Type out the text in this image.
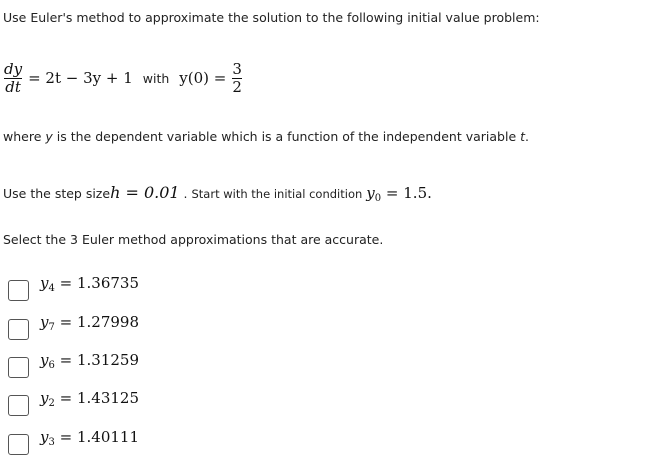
Use Euler's method to approximate the solution to the following initial value problem:
$\frac{dy}{dt} = 2t - 3y + 1$ with $y(0) = \frac{3}{2}$
where y is the dependent variable which is a function of the independent variable t.
Use the step size h = 0.01 . Start with the initial condition $y_0 = 1.5$ .
Select the 3 Euler method approximations that are accurate.
$y_4 = 1.36735$
$y_7 = 1.27998$
$y_6 = 1.31259$
$y_2 = 1.43125$
$y_3 = 1.40111$
